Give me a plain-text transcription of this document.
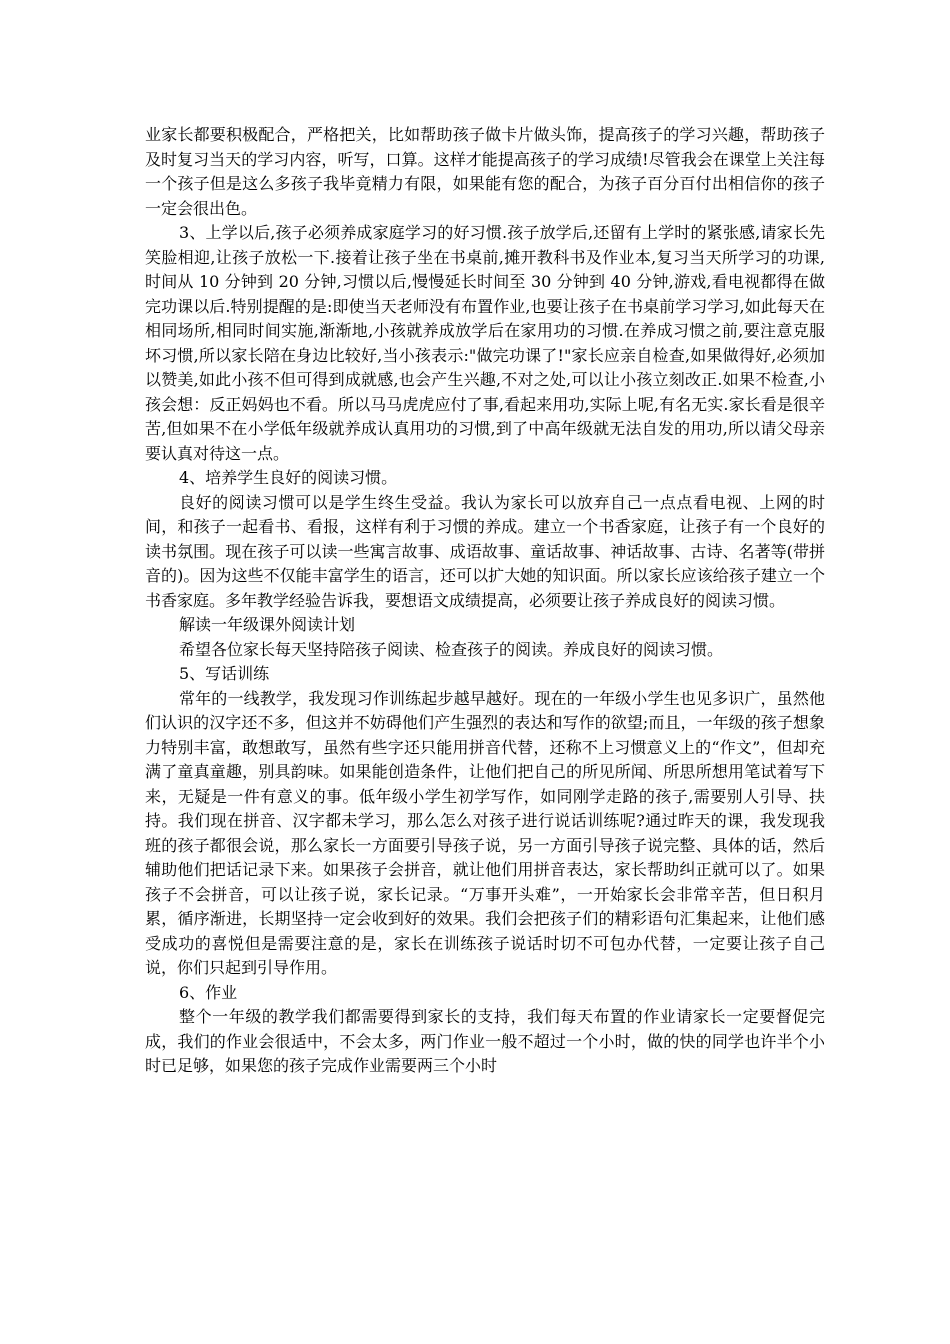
业家长都要积极配合，严格把关，比如帮助孩子做卡片做头饰，提高孩子的学习兴趣，帮助孩子及时复习当天的学习内容，听写，口算。这样才能提高孩子的学习成绩!尽管我会在课堂上关注每一个孩子但是这么多孩子我毕竟精力有限，如果能有您的配合，为孩子百分百付出相信你的孩子一定会很出色。

3、上学以后,孩子必须养成家庭学习的好习惯.孩子放学后,还留有上学时的紧张感,请家长先笑脸相迎,让孩子放松一下.接着让孩子坐在书桌前,摊开教科书及作业本,复习当天所学习的功课,时间从 10 分钟到 20 分钟,习惯以后,慢慢延长时间至 30 分钟到 40 分钟,游戏,看电视都得在做完功课以后.特别提醒的是:即使当天老师没有布置作业,也要让孩子在书桌前学习学习,如此每天在相同场所,相同时间实施,渐渐地,小孩就养成放学后在家用功的习惯.在养成习惯之前,要注意克服坏习惯,所以家长陪在身边比较好,当小孩表示:"做完功课了!"家长应亲自检查,如果做得好,必须加以赞美,如此小孩不但可得到成就感,也会产生兴趣,不对之处,可以让小孩立刻改正.如果不检查,小孩会想：反正妈妈也不看。所以马马虎虎应付了事,看起来用功,实际上呢,有名无实.家长看是很辛苦,但如果不在小学低年级就养成认真用功的习惯,到了中高年级就无法自发的用功,所以请父母亲要认真对待这一点。

4、培养学生良好的阅读习惯。

良好的阅读习惯可以是学生终生受益。我认为家长可以放弃自己一点点看电视、上网的时间，和孩子一起看书、看报，这样有利于习惯的养成。建立一个书香家庭，让孩子有一个良好的读书氛围。现在孩子可以读一些寓言故事、成语故事、童话故事、神话故事、古诗、名著等(带拼音的)。因为这些不仅能丰富学生的语言，还可以扩大她的知识面。所以家长应该给孩子建立一个书香家庭。多年教学经验告诉我，要想语文成绩提高，必须要让孩子养成良好的阅读习惯。

解读一年级课外阅读计划

希望各位家长每天坚持陪孩子阅读、检查孩子的阅读。养成良好的阅读习惯。

5、写话训练

常年的一线教学，我发现习作训练起步越早越好。现在的一年级小学生也见多识广，虽然他们认识的汉字还不多，但这并不妨碍他们产生强烈的表达和写作的欲望;而且，一年级的孩子想象力特别丰富，敢想敢写，虽然有些字还只能用拼音代替，还称不上习惯意义上的“作文”，但却充满了童真童趣，别具韵味。如果能创造条件，让他们把自己的所见所闻、所思所想用笔试着写下来，无疑是一件有意义的事。低年级小学生初学写作，如同刚学走路的孩子,需要别人引导、扶持。我们现在拼音、汉字都未学习，那么怎么对孩子进行说话训练呢?通过昨天的课，我发现我班的孩子都很会说，那么家长一方面要引导孩子说，另一方面引导孩子说完整、具体的话，然后辅助他们把话记录下来。如果孩子会拼音，就让他们用拼音表达，家长帮助纠正就可以了。如果孩子不会拼音，可以让孩子说，家长记录。“万事开头难”，一开始家长会非常辛苦，但日积月累，循序渐进，长期坚持一定会收到好的效果。我们会把孩子们的精彩语句汇集起来，让他们感受成功的喜悦但是需要注意的是，家长在训练孩子说话时切不可包办代替，一定要让孩子自己说，你们只起到引导作用。

6、作业

整个一年级的教学我们都需要得到家长的支持，我们每天布置的作业请家长一定要督促完成，我们的作业会很适中，不会太多，两门作业一般不超过一个小时，做的快的同学也许半个小时已足够，如果您的孩子完成作业需要两三个小时
